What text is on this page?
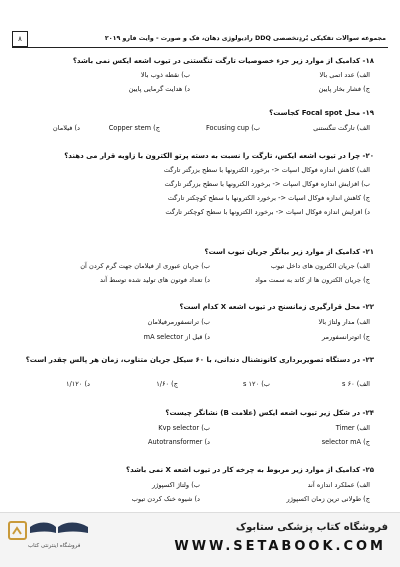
۸	مجموعه سوالات تفکیکی بُردِتخصصی DDQ رادیولوژی دهان، فک و صورت - وایت فارو ۲۰۱۹
۱۸- کدامیک از موارد زیر جزء خصوصیات تارگت تنگستنی در تیوب اشعه ایکس نمی باشد؟
الف) عدد اتمی بالا
ب) نقطه ذوب بالا
ج) فشار بخار پایین
د) هدایت گرمایی پایین
۱۹- محل Focal spot کجاست؟
الف) تارگت تنگستنی
ب) Focusing cup
ج) Copper stem
د) فیلامان
۲۰- چرا در تیوب اشعه ایکس، تارگت را نسبت به دسته پرتو الکترون با زاویه قرار می دهند؟
الف) کاهش اندازه فوکال اسپات <- برخورد الکترونها با سطح بزرگتر تارگت
ب) افزایش اندازه فوکال اسپات <- برخورد الکترونها با سطح بزرگتر تارگت
ج) کاهش اندازه فوکال اسپات <- برخورد الکترونها با سطح کوچکتر تارگت
د) افزایش اندازه فوکال اسپات <- برخورد الکترونها با سطح کوچکتر تارگت
۲۱- کدامیک از موارد زیر بیانگر جریان تیوب است؟
الف) جریان الکترون های داخل تیوب
ب) جریان عبوری از فیلامان جهت گرم کردن آن
ج) جریان الکترون ها از کاتد به سمت مواد
د) تعداد فوتون های تولید شده توسط آند
۲۲- محل قرارگیری زمانسنج در تیوب اشعه X کدام است؟
الف) مدار ولتاژ بالا
ب) ترانسفورمرفیلامان
ج) اتوترانسفورمر
د) قبل از mA selector
۲۳- در دستگاه تصویربرداری کانونشنال دندانی، با ۶۰ سیکل جریان متناوب، زمان هر پالس چقدر است؟
الف) ۶۰ s
ب) ۱۲۰ s
ج) ۱/۶۰
د) ۱/۱۲۰
۲۴- در شکل زیر تیوب اشعه ایکس (علامت B) نشانگر چیست؟
الف) Timer
ب) Kvp selector
ج) selector mA
د) Autotransformer
۲۵- کدامیک از موارد زیر مربوط به چرخه کار در تیوب اشعه X نمی باشد؟
الف) عملکرد اندازه آند
ب) ولتاژ اکسپوژر
ج) طولانی ترین زمان اکسپوژر
د) شیوه خنک کردن تیوب
فروشگاه اینترنتی کتاب
فروشگاه کتاب پزشکی ستابوک
WWW.SETABOOK.COM
